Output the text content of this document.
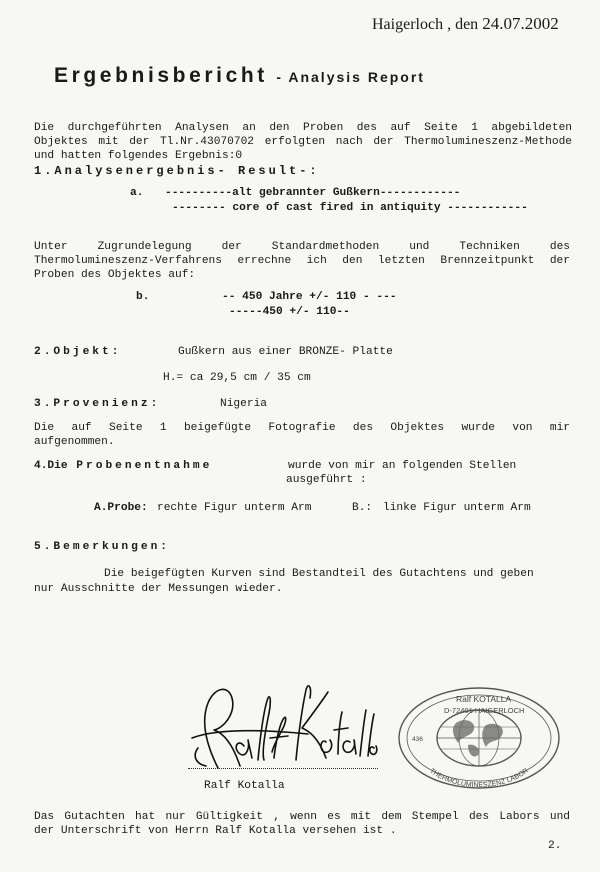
Haigerloch , den 24.07.2002
Ergebnisbericht - Analysis Report
Die durchgeführten Analysen an den Proben des auf Seite 1 abgebildeten
Objektes mit der Tl.Nr.43070702 erfolgten nach der Thermolumineszenz-Methode
und hatten folgendes Ergebnis:0
1.Analysenergebnis- Result-:
a. ----------alt gebrannter Gußkern------------
-------- core of cast fired in antiquity ------------
Unter Zugrundelegung der Standardmethoden und Techniken des
Thermolumineszenz-Verfahrens errechne ich den letzten Brennzeitpunkt der
Proben des Objektes auf:
b.	-- 450 Jahre +/- 110 - ---
-----450 +/- 110--
2.Objekt:	Gußkern aus einer BRONZE- Platte
H.= ca 29,5 cm / 35 cm
3.Provenienz:	Nigeria
Die auf Seite 1 beigefügte Fotografie des Objektes wurde von mir
aufgenommen.
4.Die Probenentnahme	wurde von mir an folgenden Stellen
ausgeführt :
A.Probe: rechte Figur unterm Arm	B.: linke Figur unterm Arm
5.Bemerkungen:
Die beigefügten Kurven sind Bestandteil des Gutachtens und geben
nur Ausschnitte der Messungen wieder.
Ralf Kotalla
Ralf KOTALLA
D-72401 HAIGERLOCH
436
THERMOLUMINESZENZ LABOR
Das Gutachten hat nur Gültigkeit , wenn es mit dem Stempel des Labors und
der Unterschrift von Herrn Ralf Kotalla versehen ist .
2.
